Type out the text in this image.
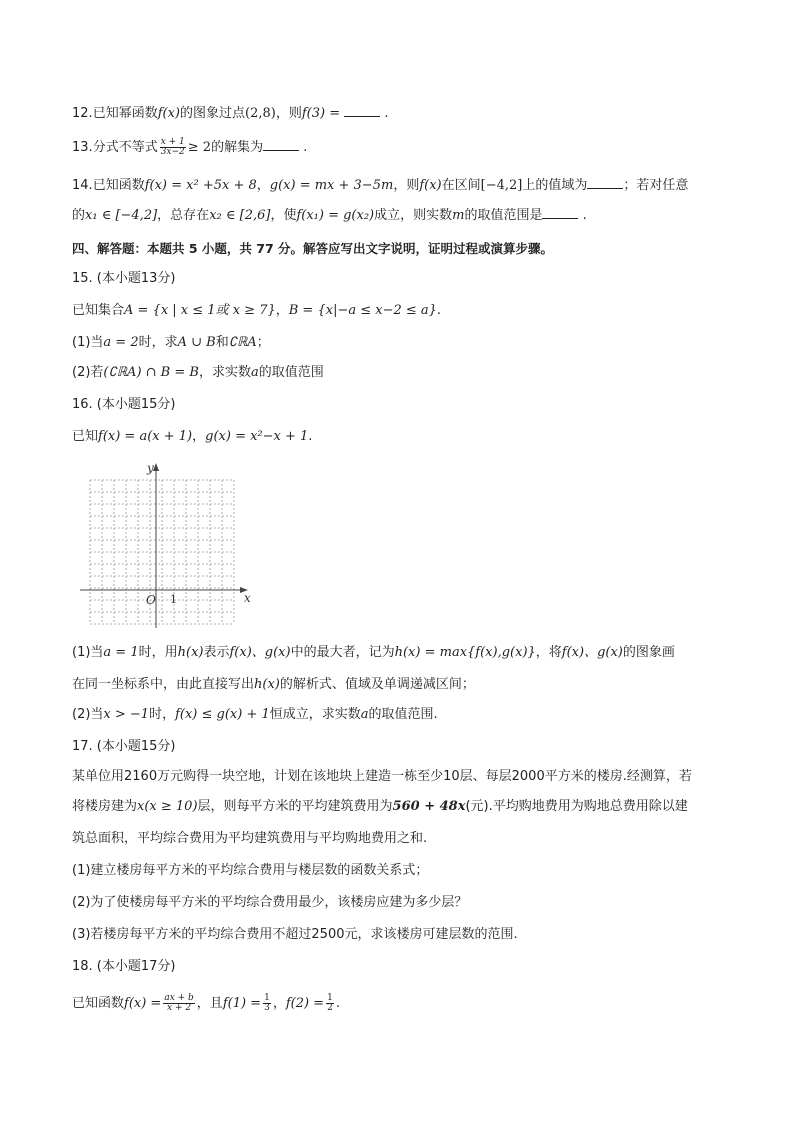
12.已知幂函数f(x)的图象过点(2,8)，则f(3) =	.
13.分式不等式 $\frac{x + 1}{3x-2} \ge 2$的解集为	.
14.已知函数f(x) = x² +5x + 8，g(x) = mx + 3−5m，则f(x)在区间[−4,2]上的值域为	；若对任意
的x₁ ∈ [−4,2]，总存在x₂ ∈ [2,6]，使f(x₁) = g(x₂)成立，则实数m的取值范围是	.
四、解答题：本题共 5 小题，共 77 分。解答应写出文字说明，证明过程或演算步骤。
15. (本小题13分)
已知集合A = {x | x ≤ 1或 x ≥ 7}，B = {x|−a ≤ x−2 ≤ a}.
(1)当a = 2时，求A ∪ B和∁ℝA；
(2)若(∁ℝA) ∩ B = B，求实数a的取值范围
16. (本小题15分)
已知f(x) = a(x + 1)，g(x) = x²−x + 1.
y
x
O 1
(1)当a = 1时，用h(x)表示f(x)、g(x)中的最大者，记为h(x) = max{f(x),g(x)}，将f(x)、g(x)的图象画
在同一坐标系中，由此直接写出h(x)的解析式、值域及单调递减区间；
(2)当x > −1时，f(x) ≤ g(x) + 1恒成立，求实数a的取值范围.
17. (本小题15分)
某单位用2160万元购得一块空地，计划在该地块上建造一栋至少10层、每层2000平方米的楼房.经测算，若
将楼房建为x(x ≥ 10)层，则每平方米的平均建筑费用为560 + 48x(元).平均购地费用为购地总费用除以建
筑总面积，平均综合费用为平均建筑费用与平均购地费用之和.
(1)建立楼房每平方米的平均综合费用与楼层数的函数关系式；
(2)为了使楼房每平方米的平均综合费用最少，该楼房应建为多少层？
(3)若楼房每平方米的平均综合费用不超过2500元，求该楼房可建层数的范围.
18. (本小题17分)
已知函数$f(x) = \frac{ax + b}{x + 2}$ ，且$f(1) = \frac{1}{3}$ ，$f(2) = \frac{1}{2}$ .
